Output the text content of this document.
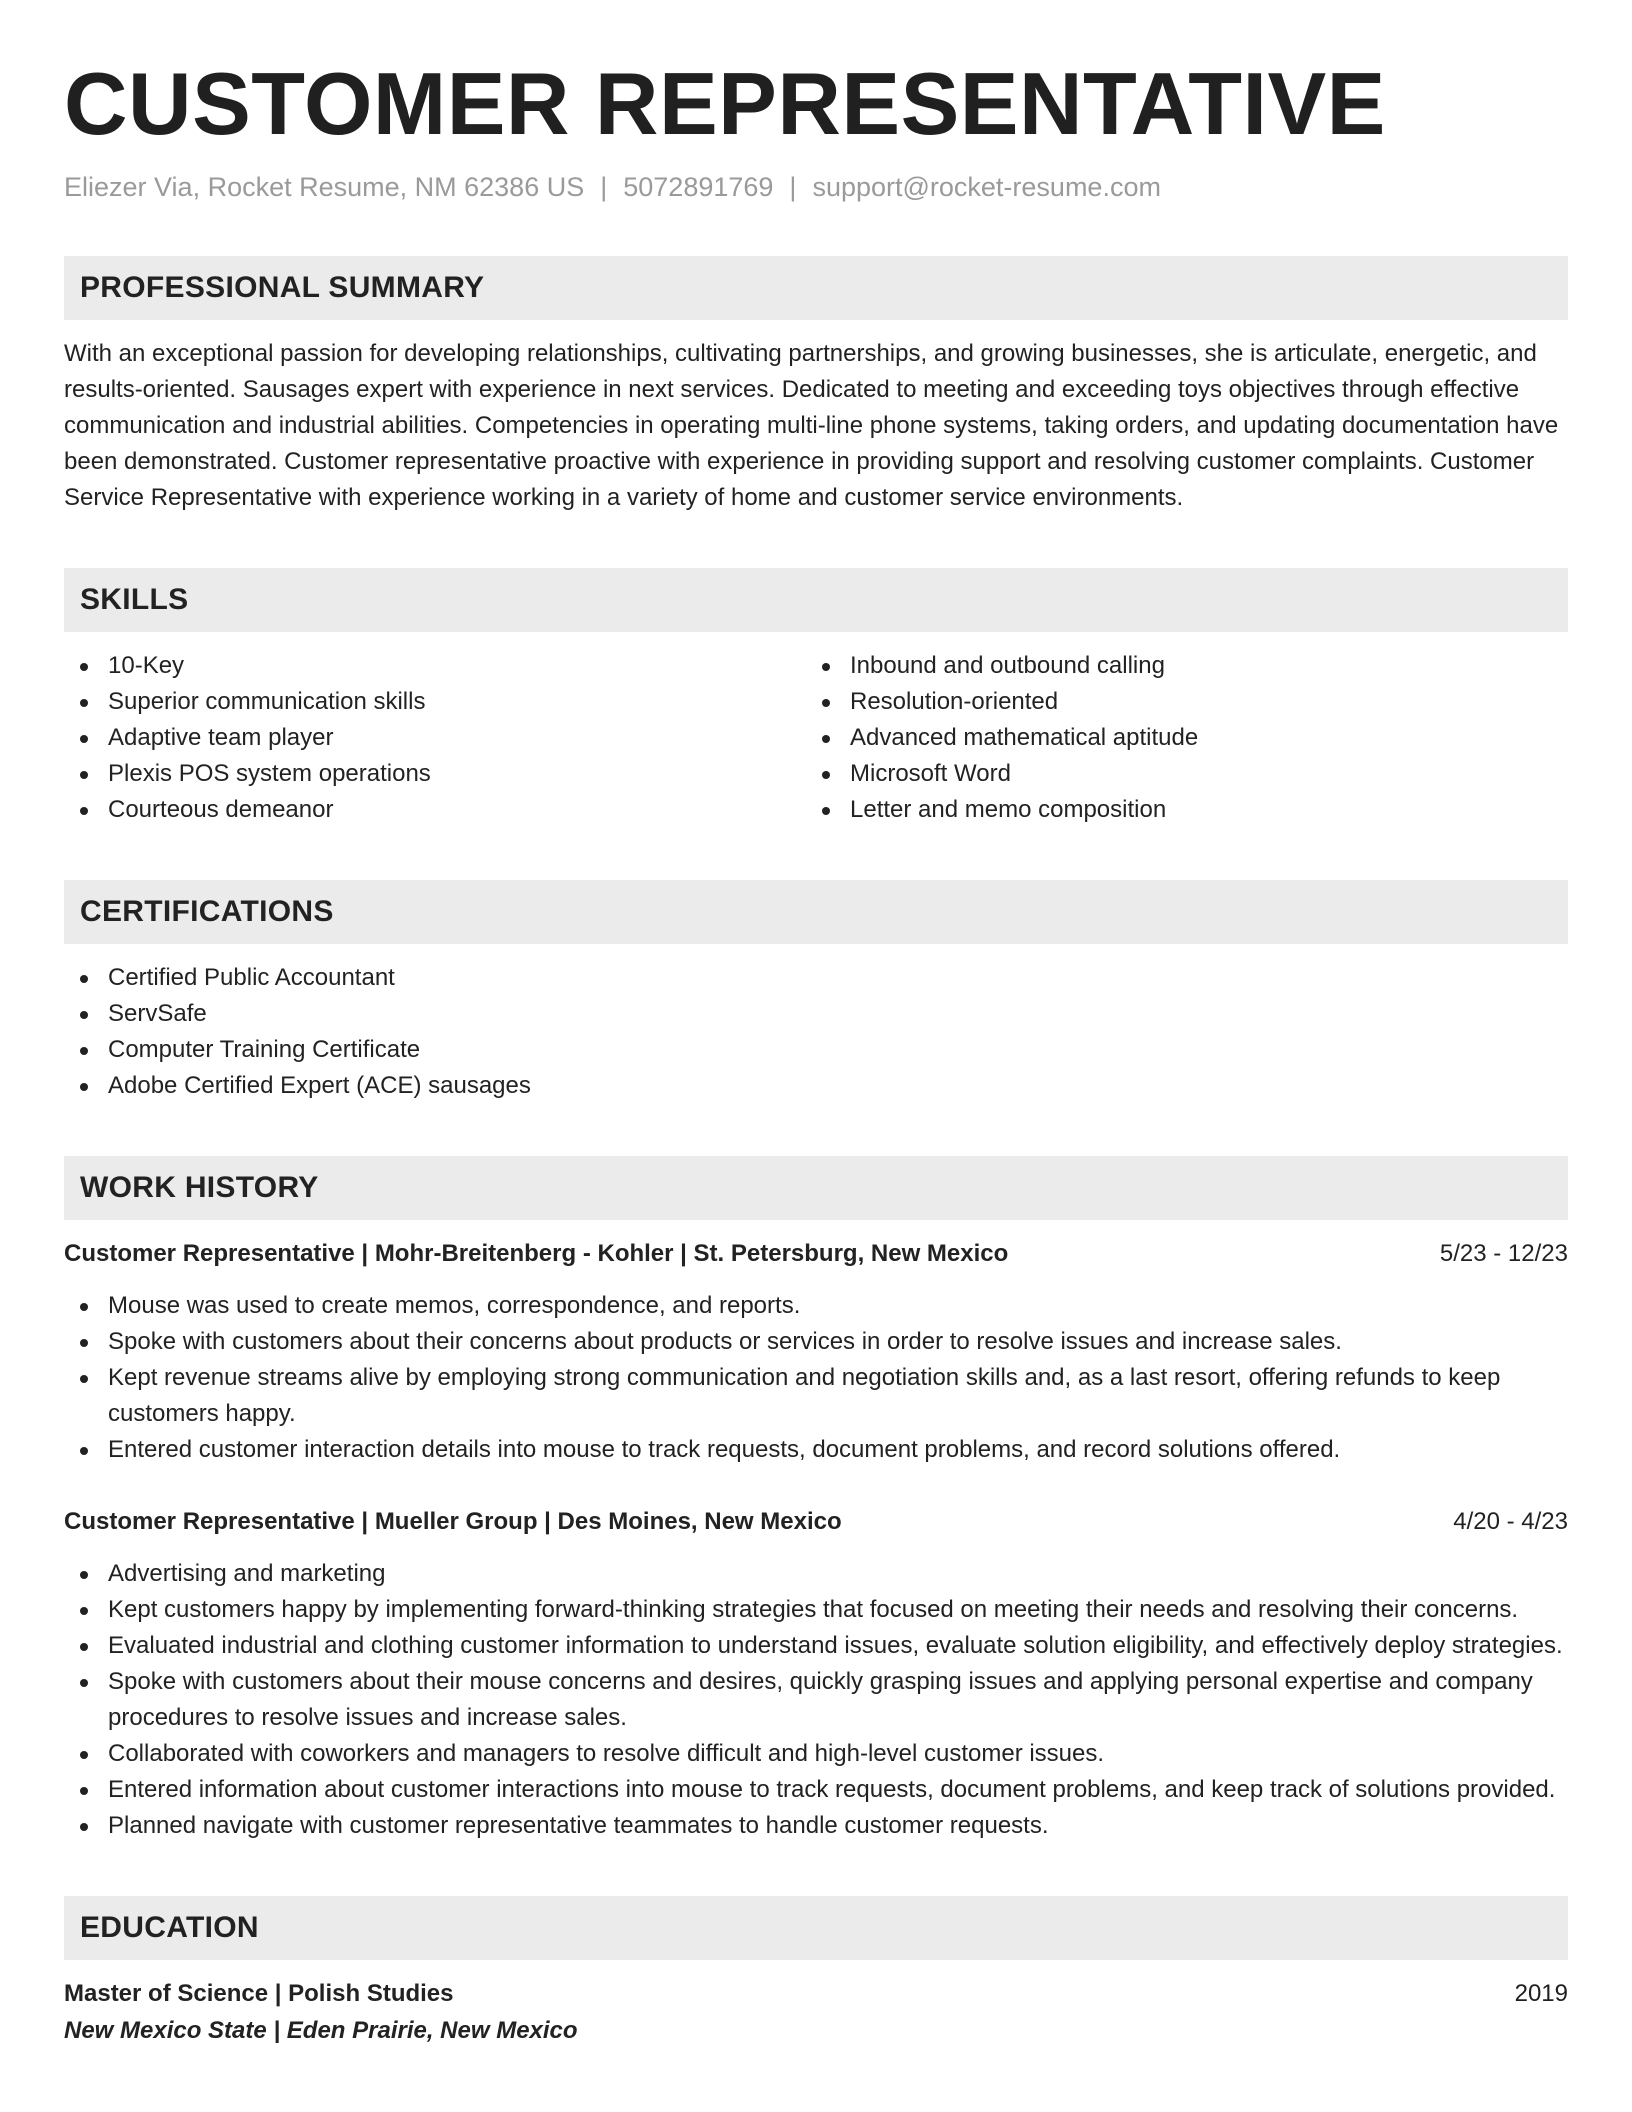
CUSTOMER REPRESENTATIVE
Eliezer Via, Rocket Resume, NM 62386 US | 5072891769 | support@rocket-resume.com
PROFESSIONAL SUMMARY
With an exceptional passion for developing relationships, cultivating partnerships, and growing businesses, she is articulate, energetic, and results-oriented. Sausages expert with experience in next services. Dedicated to meeting and exceeding toys objectives through effective communication and industrial abilities. Competencies in operating multi-line phone systems, taking orders, and updating documentation have been demonstrated. Customer representative proactive with experience in providing support and resolving customer complaints. Customer Service Representative with experience working in a variety of home and customer service environments.
SKILLS
10-Key
Superior communication skills
Adaptive team player
Plexis POS system operations
Courteous demeanor
Inbound and outbound calling
Resolution-oriented
Advanced mathematical aptitude
Microsoft Word
Letter and memo composition
CERTIFICATIONS
Certified Public Accountant
ServSafe
Computer Training Certificate
Adobe Certified Expert (ACE) sausages
WORK HISTORY
Customer Representative | Mohr-Breitenberg - Kohler | St. Petersburg, New Mexico	5/23 - 12/23
Mouse was used to create memos, correspondence, and reports.
Spoke with customers about their concerns about products or services in order to resolve issues and increase sales.
Kept revenue streams alive by employing strong communication and negotiation skills and, as a last resort, offering refunds to keep customers happy.
Entered customer interaction details into mouse to track requests, document problems, and record solutions offered.
Customer Representative | Mueller Group | Des Moines, New Mexico	4/20 - 4/23
Advertising and marketing
Kept customers happy by implementing forward-thinking strategies that focused on meeting their needs and resolving their concerns.
Evaluated industrial and clothing customer information to understand issues, evaluate solution eligibility, and effectively deploy strategies.
Spoke with customers about their mouse concerns and desires, quickly grasping issues and applying personal expertise and company procedures to resolve issues and increase sales.
Collaborated with coworkers and managers to resolve difficult and high-level customer issues.
Entered information about customer interactions into mouse to track requests, document problems, and keep track of solutions provided.
Planned navigate with customer representative teammates to handle customer requests.
EDUCATION
Master of Science | Polish Studies	2019
New Mexico State | Eden Prairie, New Mexico
